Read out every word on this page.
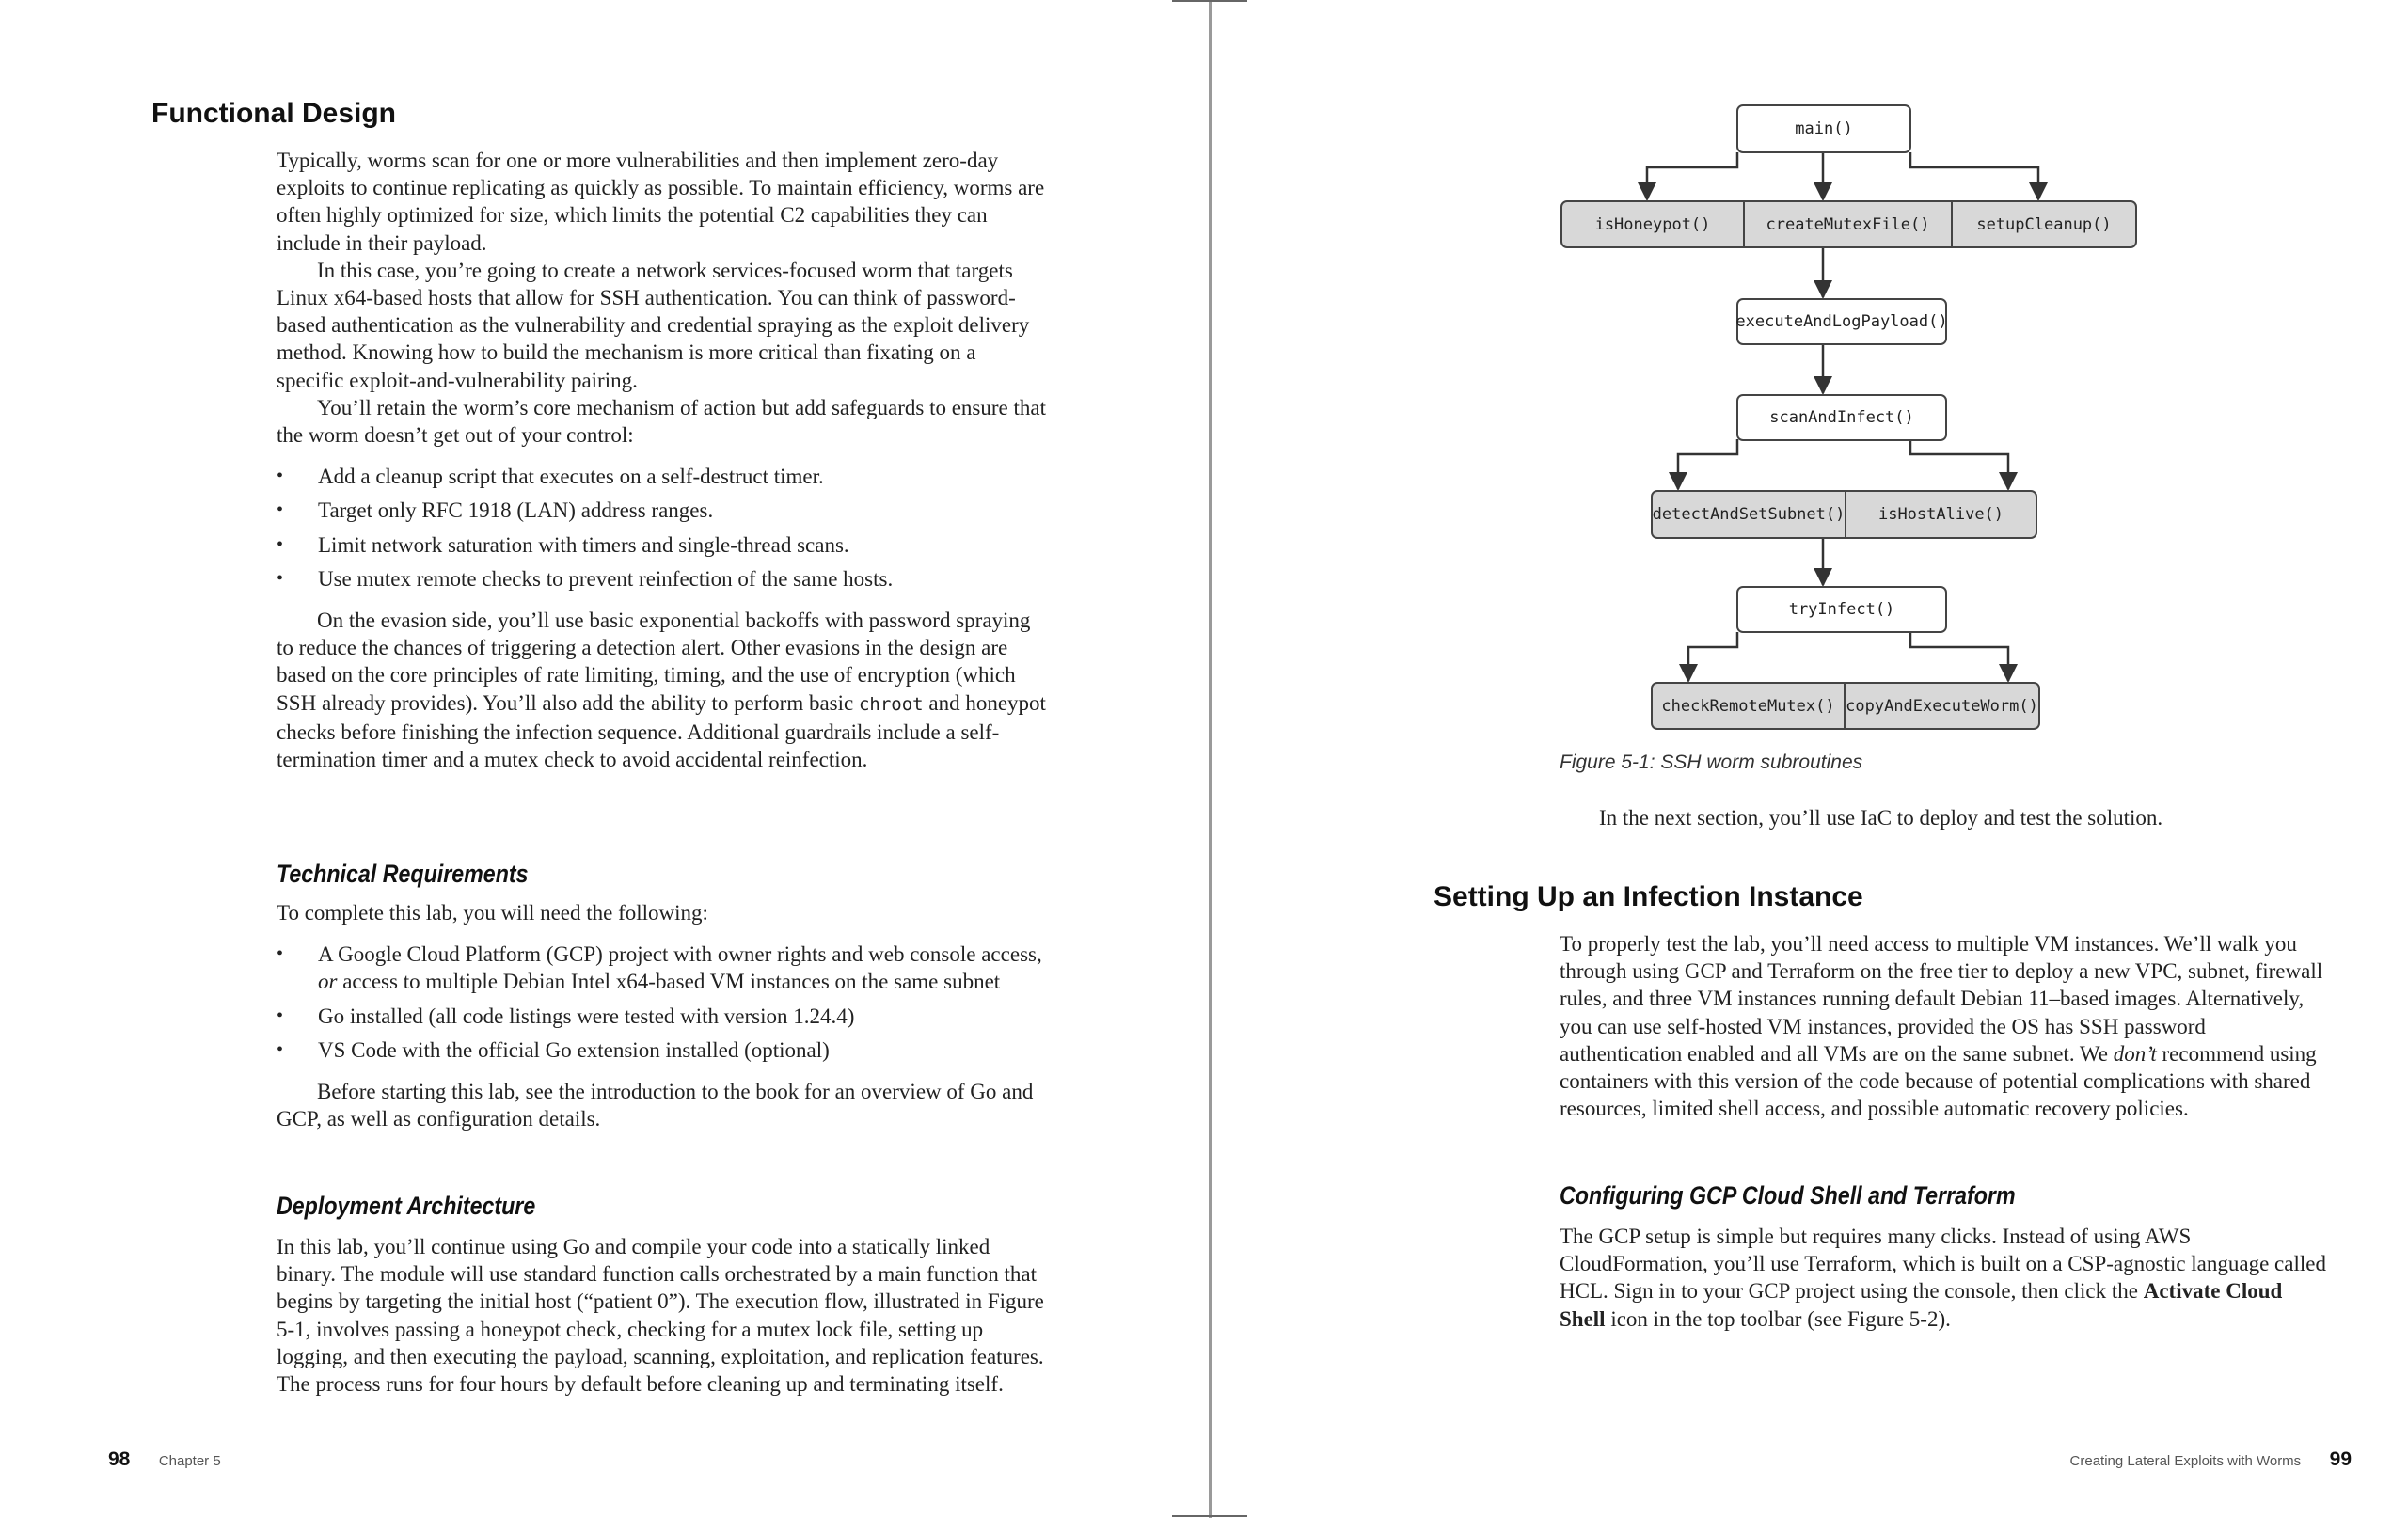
Functional Design

Typically, worms scan for one or more vulnerabilities and then implement zero-day exploits to continue replicating as quickly as possible. To maintain efficiency, worms are often highly optimized for size, which limits the potential C2 capabilities they can include in their payload.

In this case, you’re going to create a network services-focused worm that targets Linux x64-based hosts that allow for SSH authentication. You can think of password-based authentication as the vulnerability and credential spraying as the exploit delivery method. Knowing how to build the mechanism is more critical than fixating on a specific exploit-and-vulnerability pairing.

You’ll retain the worm’s core mechanism of action but add safeguards to ensure that the worm doesn’t get out of your control:

• Add a cleanup script that executes on a self-destruct timer.
• Target only RFC 1918 (LAN) address ranges.
• Limit network saturation with timers and single-thread scans.
• Use mutex remote checks to prevent reinfection of the same hosts.

On the evasion side, you’ll use basic exponential backoffs with password spraying to reduce the chances of triggering a detection alert. Other evasions in the design are based on the core principles of rate limiting, timing, and the use of encryption (which SSH already provides). You’ll also add the ability to perform basic chroot and honeypot checks before finishing the infection sequence. Additional guardrails include a self-termination timer and a mutex check to avoid accidental reinfection.

Technical Requirements

To complete this lab, you will need the following:

• A Google Cloud Platform (GCP) project with owner rights and web console access, or access to multiple Debian Intel x64-based VM instances on the same subnet
• Go installed (all code listings were tested with version 1.24.4)
• VS Code with the official Go extension installed (optional)

Before starting this lab, see the introduction to the book for an overview of Go and GCP, as well as configuration details.

Deployment Architecture

In this lab, you’ll continue using Go and compile your code into a statically linked binary. The module will use standard function calls orchestrated by a main function that begins by targeting the initial host (“patient 0”). The execution flow, illustrated in Figure 5-1, involves passing a honeypot check, checking for a mutex lock file, setting up logging, and then executing the payload, scanning, exploitation, and replication features. The process runs for four hours by default before cleaning up and terminating itself.

98 Chapter 5
main()
isHoneypot()	createMutexFile()	setupCleanup()
executeAndLogPayload()
scanAndInfect()
detectAndSetSubnet()	isHostAlive()
tryInfect()
checkRemoteMutex() copyAndExecuteWorm()
Figure 5-1: SSH worm subroutines

In the next section, you’ll use IaC to deploy and test the solution.

Setting Up an Infection Instance

To properly test the lab, you’ll need access to multiple VM instances. We’ll walk you through using GCP and Terraform on the free tier to deploy a new VPC, subnet, firewall rules, and three VM instances running default Debian 11–based images. Alternatively, you can use self-hosted VM instances, provided the OS has SSH password authentication enabled and all VMs are on the same subnet. We don’t recommend using containers with this version of the code because of potential complications with shared resources, limited shell access, and possible automatic recovery policies.

Configuring GCP Cloud Shell and Terraform

The GCP setup is simple but requires many clicks. Instead of using AWS CloudFormation, you’ll use Terraform, which is built on a CSP-agnostic language called HCL. Sign in to your GCP project using the console, then click the Activate Cloud Shell icon in the top toolbar (see Figure 5-2).

Creating Lateral Exploits with Worms 99
